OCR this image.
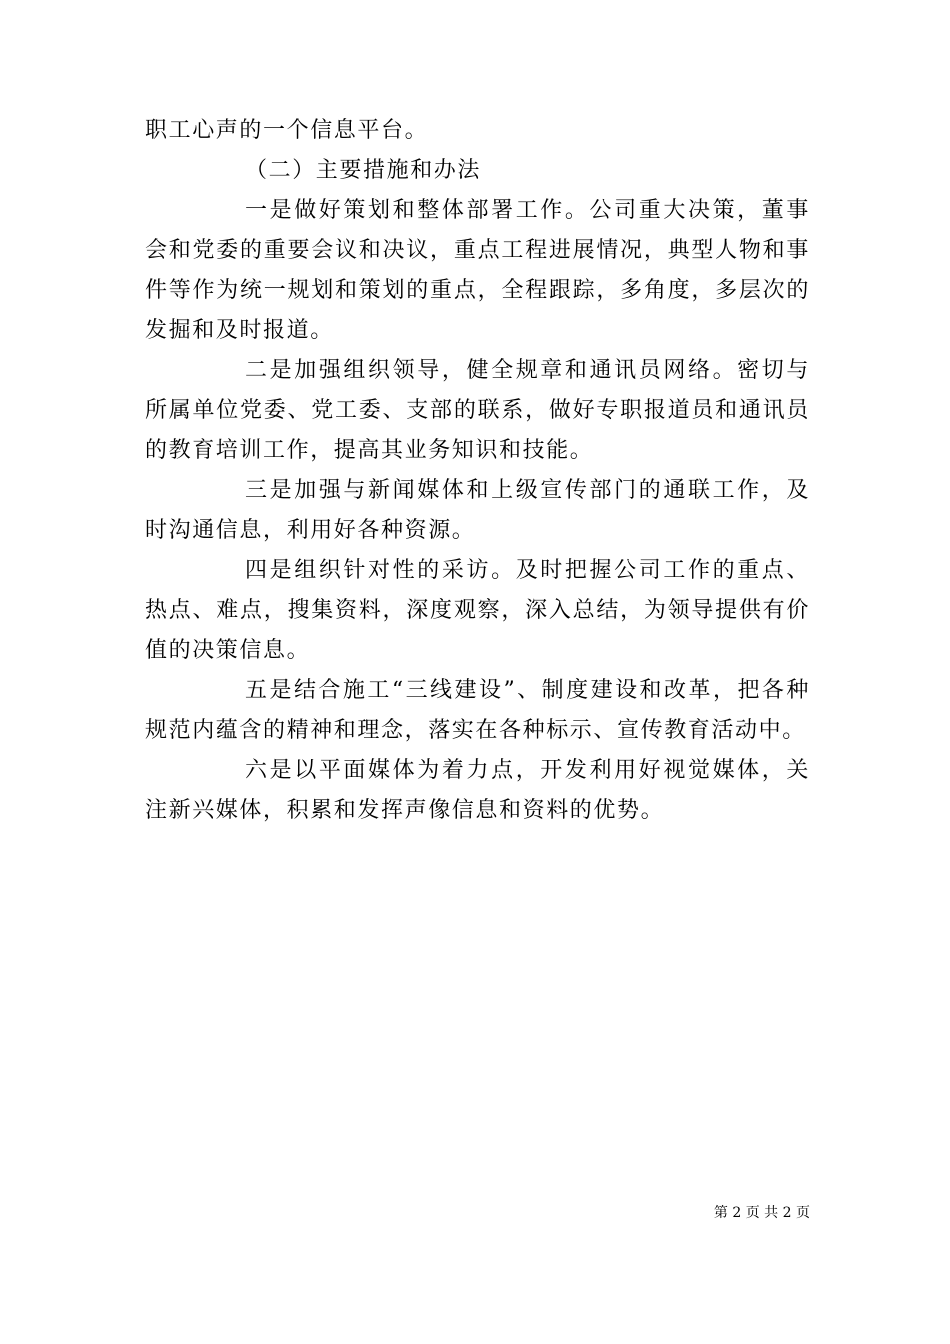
职工心声的一个信息平台。

（二）主要措施和办法

一是做好策划和整体部署工作。公司重大决策，董事会和党委的重要会议和决议，重点工程进展情况，典型人物和事件等作为统一规划和策划的重点，全程跟踪，多角度，多层次的发掘和及时报道。

二是加强组织领导，健全规章和通讯员网络。密切与所属单位党委、党工委、支部的联系，做好专职报道员和通讯员的教育培训工作，提高其业务知识和技能。

三是加强与新闻媒体和上级宣传部门的通联工作，及时沟通信息，利用好各种资源。

四是组织针对性的采访。及时把握公司工作的重点、热点、难点，搜集资料，深度观察，深入总结，为领导提供有价值的决策信息。

五是结合施工“三线建设”、制度建设和改革，把各种规范内蕴含的精神和理念，落实在各种标示、宣传教育活动中。

六是以平面媒体为着力点，开发利用好视觉媒体，关注新兴媒体，积累和发挥声像信息和资料的优势。

第 2 页 共 2 页
